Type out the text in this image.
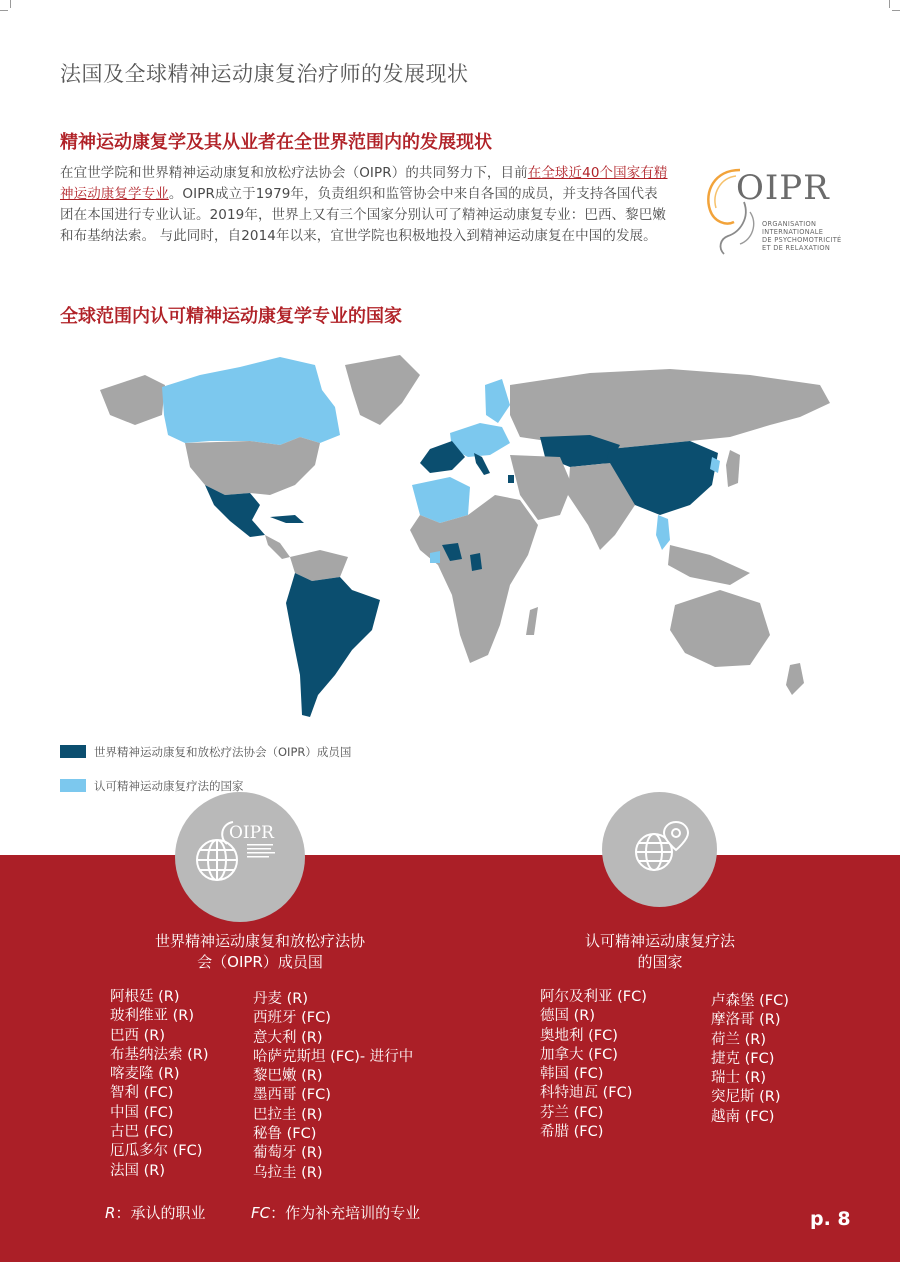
法国及全球精神运动康复治疗师的发展现状
精神运动康复学及其从业者在全世界范围内的发展现状
在宜世学院和世界精神运动康复和放松疗法协会（OIPR）的共同努力下，目前在全球近40个国家有精神运动康复学专业。OIPR成立于1979年，负责组织和监管协会中来自各国的成员，并支持各国代表团在本国进行专业认证。2019年，世界上又有三个国家分别认可了精神运动康复专业：巴西、黎巴嫩和布基纳法索。 与此同时，自2014年以来，宜世学院也积极地投入到精神运动康复在中国的发展。
OIPR
ORGANISATION
INTERNATIONALE
DE PSYCHOMOTRICITÉ
ET DE RELAXATION
全球范围内认可精神运动康复学专业的国家
世界精神运动康复和放松疗法协会（OIPR）成员国
认可精神运动康复疗法的国家
OIPR
世界精神运动康复和放松疗法协
会（OIPR）成员国
阿根廷 (R)
玻利维亚 (R)
巴西 (R)
布基纳法索 (R)
喀麦隆 (R)
智利 (FC)
中国 (FC)
古巴 (FC)
厄瓜多尔 (FC)
法国 (R)
丹麦 (R)
西班牙 (FC)
意大利 (R)
哈萨克斯坦 (FC)- 进行中
黎巴嫩 (R)
墨西哥 (FC)
巴拉圭 (R)
秘鲁 (FC)
葡萄牙 (R)
乌拉圭 (R)
认可精神运动康复疗法
的国家
阿尔及利亚 (FC)
德国 (R)
奥地利 (FC)
加拿大 (FC)
韩国 (FC)
科特迪瓦 (FC)
芬兰 (FC)
希腊 (FC)
卢森堡 (FC)
摩洛哥 (R)
荷兰 (R)
捷克 (FC)
瑞士 (R)
突尼斯 (R)
越南 (FC)
R：承认的职业	FC：作为补充培训的专业	p. 8
